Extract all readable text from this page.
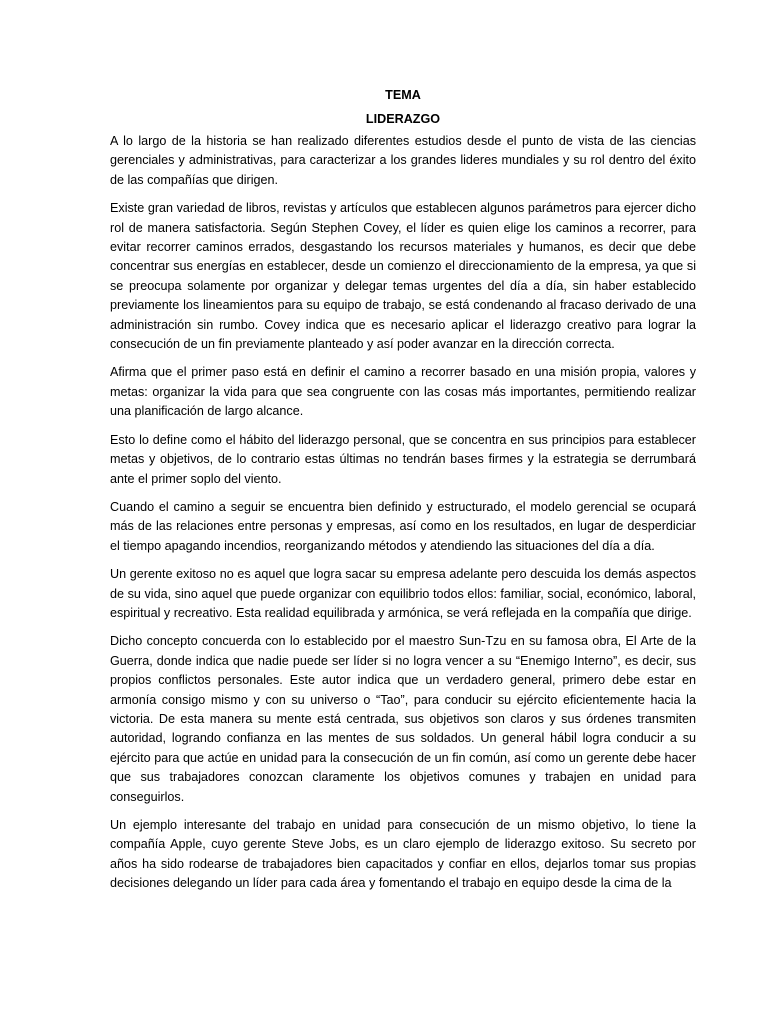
TEMA
LIDERAZGO

A lo largo de la historia se han realizado diferentes estudios desde el punto de vista de las ciencias gerenciales y administrativas, para caracterizar a los grandes lideres mundiales y su rol dentro del éxito de las compañías que dirigen.

Existe gran variedad de libros, revistas y artículos que establecen algunos parámetros para ejercer dicho rol de manera satisfactoria. Según Stephen Covey, el líder es quien elige los caminos a recorrer, para evitar recorrer caminos errados, desgastando los recursos materiales y humanos, es decir que debe concentrar sus energías en establecer, desde un comienzo el direccionamiento de la empresa, ya que si se preocupa solamente por organizar y delegar temas urgentes del día a día, sin haber establecido previamente los lineamientos para su equipo de trabajo, se está condenando al fracaso derivado de una administración sin rumbo. Covey indica que es necesario aplicar el liderazgo creativo para lograr la consecución de un fin previamente planteado y así poder avanzar en la dirección correcta.

Afirma que el primer paso está en definir el camino a recorrer basado en una misión propia, valores y metas: organizar la vida para que sea congruente con las cosas más importantes, permitiendo realizar una planificación de largo alcance.

Esto lo define como el hábito del liderazgo personal, que se concentra en sus principios para establecer metas y objetivos, de lo contrario estas últimas no tendrán bases firmes y la estrategia se derrumbará ante el primer soplo del viento.

Cuando el camino a seguir se encuentra bien definido y estructurado, el modelo gerencial se ocupará más de las relaciones entre personas y empresas, así como en los resultados, en lugar de desperdiciar el tiempo apagando incendios, reorganizando métodos y atendiendo las situaciones del día a día.

Un gerente exitoso no es aquel que logra sacar su empresa adelante pero descuida los demás aspectos de su vida, sino aquel que puede organizar con equilibrio todos ellos: familiar, social, económico, laboral, espiritual y recreativo. Esta realidad equilibrada y armónica, se verá reflejada en la compañía que dirige.

Dicho concepto concuerda con lo establecido por el maestro Sun-Tzu en su famosa obra, El Arte de la Guerra, donde indica que nadie puede ser líder si no logra vencer a su “Enemigo Interno”, es decir, sus propios conflictos personales. Este autor indica que un verdadero general, primero debe estar en armonía consigo mismo y con su universo o “Tao”, para conducir su ejército eficientemente hacia la victoria. De esta manera su mente está centrada, sus objetivos son claros y sus órdenes transmiten autoridad, logrando confianza en las mentes de sus soldados. Un general hábil logra conducir a su ejército para que actúe en unidad para la consecución de un fin común, así como un gerente debe hacer que sus trabajadores conozcan claramente los objetivos comunes y trabajen en unidad para conseguirlos.

Un ejemplo interesante del trabajo en unidad para consecución de un mismo objetivo, lo tiene la compañía Apple, cuyo gerente Steve Jobs, es un claro ejemplo de liderazgo exitoso. Su secreto por años ha sido rodearse de trabajadores bien capacitados y confiar en ellos, dejarlos tomar sus propias decisiones delegando un líder para cada área y fomentando el trabajo en equipo desde la cima de la
